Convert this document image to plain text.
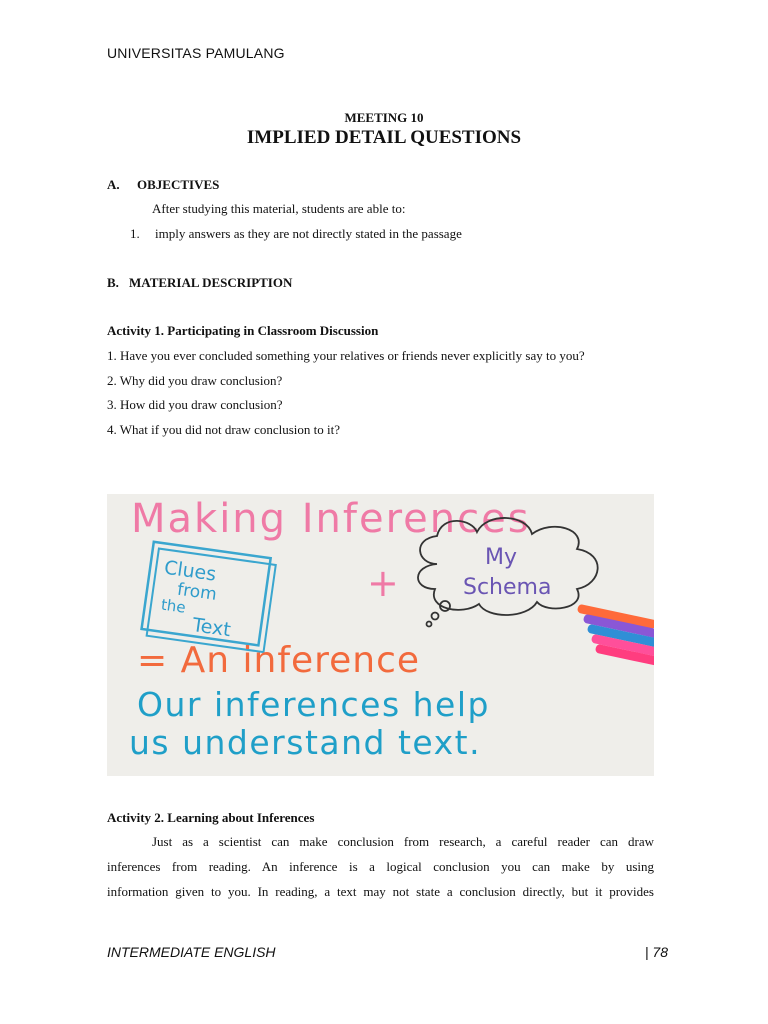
UNIVERSITAS PAMULANG
MEETING 10
IMPLIED DETAIL QUESTIONS
A. OBJECTIVES
After studying this material, students are able to:
1. imply answers as they are not directly stated in the passage
B. MATERIAL DESCRIPTION
Activity 1. Participating in Classroom Discussion
1. Have you ever concluded something your relatives or friends never explicitly say to you?
2. Why did you draw conclusion?
3. How did you draw conclusion?
4. What if you did not draw conclusion to it?
Making Inferences
Clues
from
the
Text
+
My
Schema
= An inference
Our inferences help
us understand text.
Activity 2. Learning about Inferences
Just as a scientist can make conclusion from research, a careful reader can draw
inferences from reading. An inference is a logical conclusion you can make by using
information given to you. In reading, a text may not state a conclusion directly, but it provides
INTERMEDIATE ENGLISH	| 78
